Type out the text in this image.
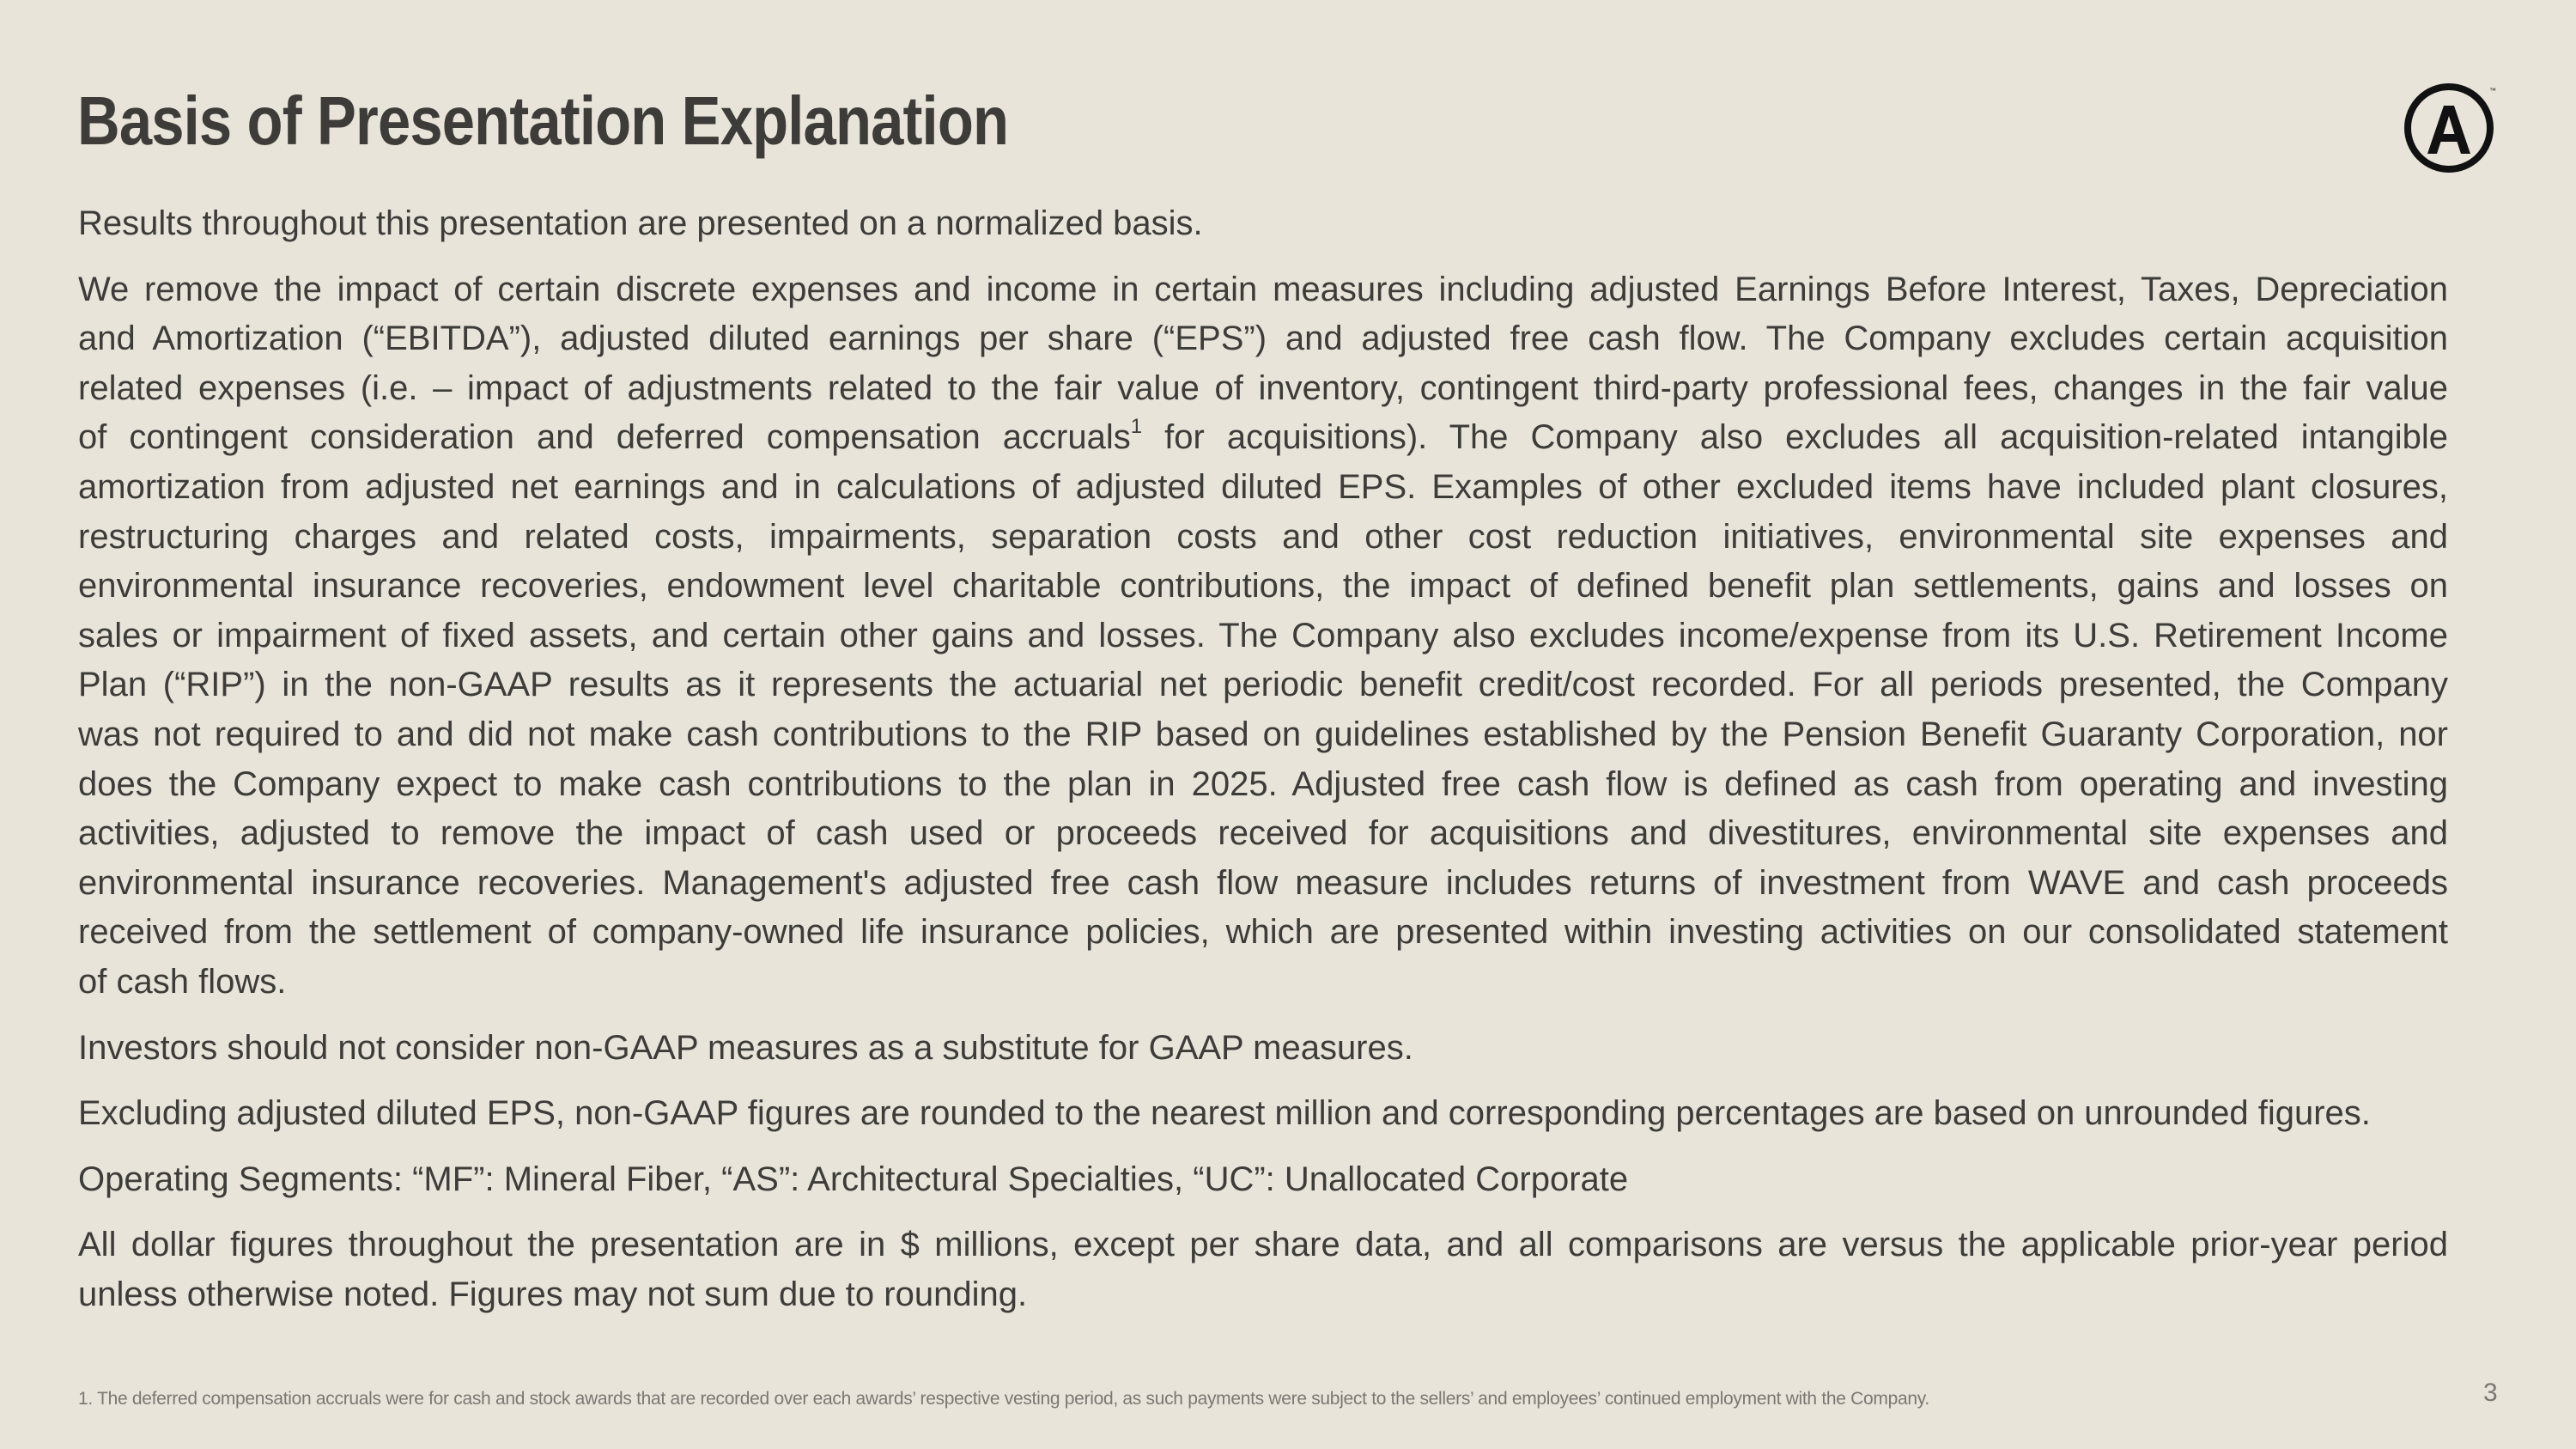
Basis of Presentation Explanation	™
Results throughout this presentation are presented on a normalized basis.
We remove the impact of certain discrete expenses and income in certain measures including adjusted Earnings Before Interest, Taxes, Depreciation
and Amortization (“EBITDA”), adjusted diluted earnings per share (“EPS”) and adjusted free cash flow. The Company excludes certain acquisition
related expenses (i.e. – impact of adjustments related to the fair value of inventory, contingent third-party professional fees, changes in the fair value
of contingent consideration and deferred compensation accruals$^1$ for acquisitions). The Company also excludes all acquisition-related intangible
amortization from adjusted net earnings and in calculations of adjusted diluted EPS. Examples of other excluded items have included plant closures,
restructuring charges and related costs, impairments, separation costs and other cost reduction initiatives, environmental site expenses and
environmental insurance recoveries, endowment level charitable contributions, the impact of defined benefit plan settlements, gains and losses on
sales or impairment of fixed assets, and certain other gains and losses. The Company also excludes income/expense from its U.S. Retirement Income
Plan (“RIP”) in the non-GAAP results as it represents the actuarial net periodic benefit credit/cost recorded. For all periods presented, the Company
was not required to and did not make cash contributions to the RIP based on guidelines established by the Pension Benefit Guaranty Corporation, nor
does the Company expect to make cash contributions to the plan in 2025. Adjusted free cash flow is defined as cash from operating and investing
activities, adjusted to remove the impact of cash used or proceeds received for acquisitions and divestitures, environmental site expenses and
environmental insurance recoveries. Management's adjusted free cash flow measure includes returns of investment from WAVE and cash proceeds
received from the settlement of company-owned life insurance policies, which are presented within investing activities on our consolidated statement
of cash flows.
Investors should not consider non-GAAP measures as a substitute for GAAP measures.
Excluding adjusted diluted EPS, non-GAAP figures are rounded to the nearest million and corresponding percentages are based on unrounded figures.
Operating Segments: “MF”: Mineral Fiber, “AS”: Architectural Specialties, “UC”: Unallocated Corporate
All dollar figures throughout the presentation are in $ millions, except per share data, and all comparisons are versus the applicable prior-year period
unless otherwise noted. Figures may not sum due to rounding.
1. The deferred compensation accruals were for cash and stock awards that are recorded over each awards’ respective vesting period, as such payments were subject to the sellers’ and employees’ continued employment with the Company.	3
